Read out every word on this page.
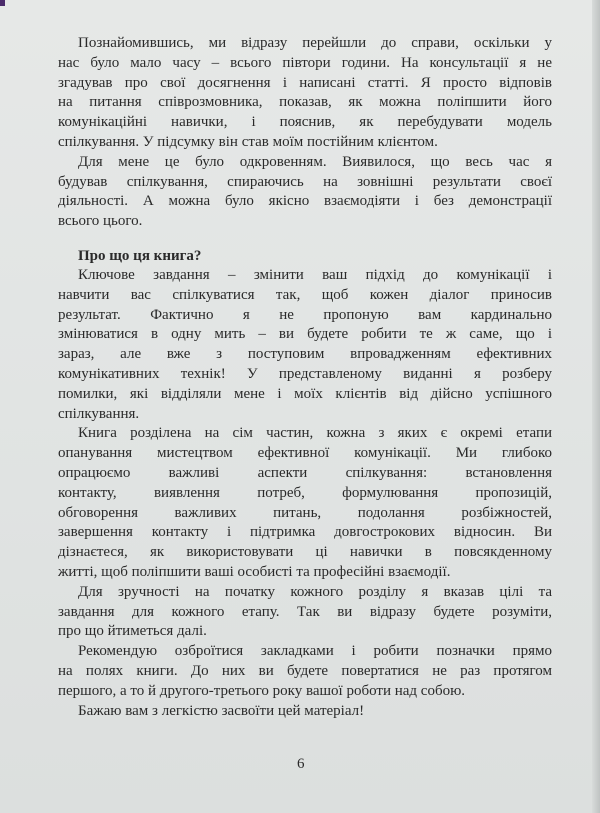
Познайомившись, ми відразу перейшли до справи, оскільки у
нас було мало часу – всього півтори години. На консультації я не
згадував про свої досягнення і написані статті. Я просто відповів
на питання співрозмовника, показав, як можна поліпшити його
комунікаційні навички, і пояснив, як перебудувати модель
спілкування. У підсумку він став моїм постійним клієнтом.
Для мене це було одкровенням. Виявилося, що весь час я
будував спілкування, спираючись на зовнішні результати своєї
діяльності. А можна було якісно взаємодіяти і без демонстрації
всього цього.
Про що ця книга?
Ключове завдання – змінити ваш підхід до комунікації і
навчити вас спілкуватися так, щоб кожен діалог приносив
результат. Фактично я не пропоную вам кардинально
змінюватися в одну мить – ви будете робити те ж саме, що і
зараз, але вже з поступовим впровадженням ефективних
комунікативних технік! У представленому виданні я розберу
помилки, які відділяли мене і моїх клієнтів від дійсно успішного
спілкування.
Книга розділена на сім частин, кожна з яких є окремі етапи
опанування мистецтвом ефективної комунікації. Ми глибоко
опрацюємо важливі аспекти спілкування: встановлення
контакту, виявлення потреб, формулювання пропозицій,
обговорення важливих питань, подолання розбіжностей,
завершення контакту і підтримка довгострокових відносин. Ви
дізнаєтеся, як використовувати ці навички в повсякденному
житті, щоб поліпшити ваші особисті та професійні взаємодії.
Для зручності на початку кожного розділу я вказав цілі та
завдання для кожного етапу. Так ви відразу будете розуміти,
про що йтиметься далі.
Рекомендую озброїтися закладками і робити позначки прямо
на полях книги. До них ви будете повертатися не раз протягом
першого, а то й другого-третього року вашої роботи над собою.
Бажаю вам з легкістю засвоїти цей матеріал!
6
